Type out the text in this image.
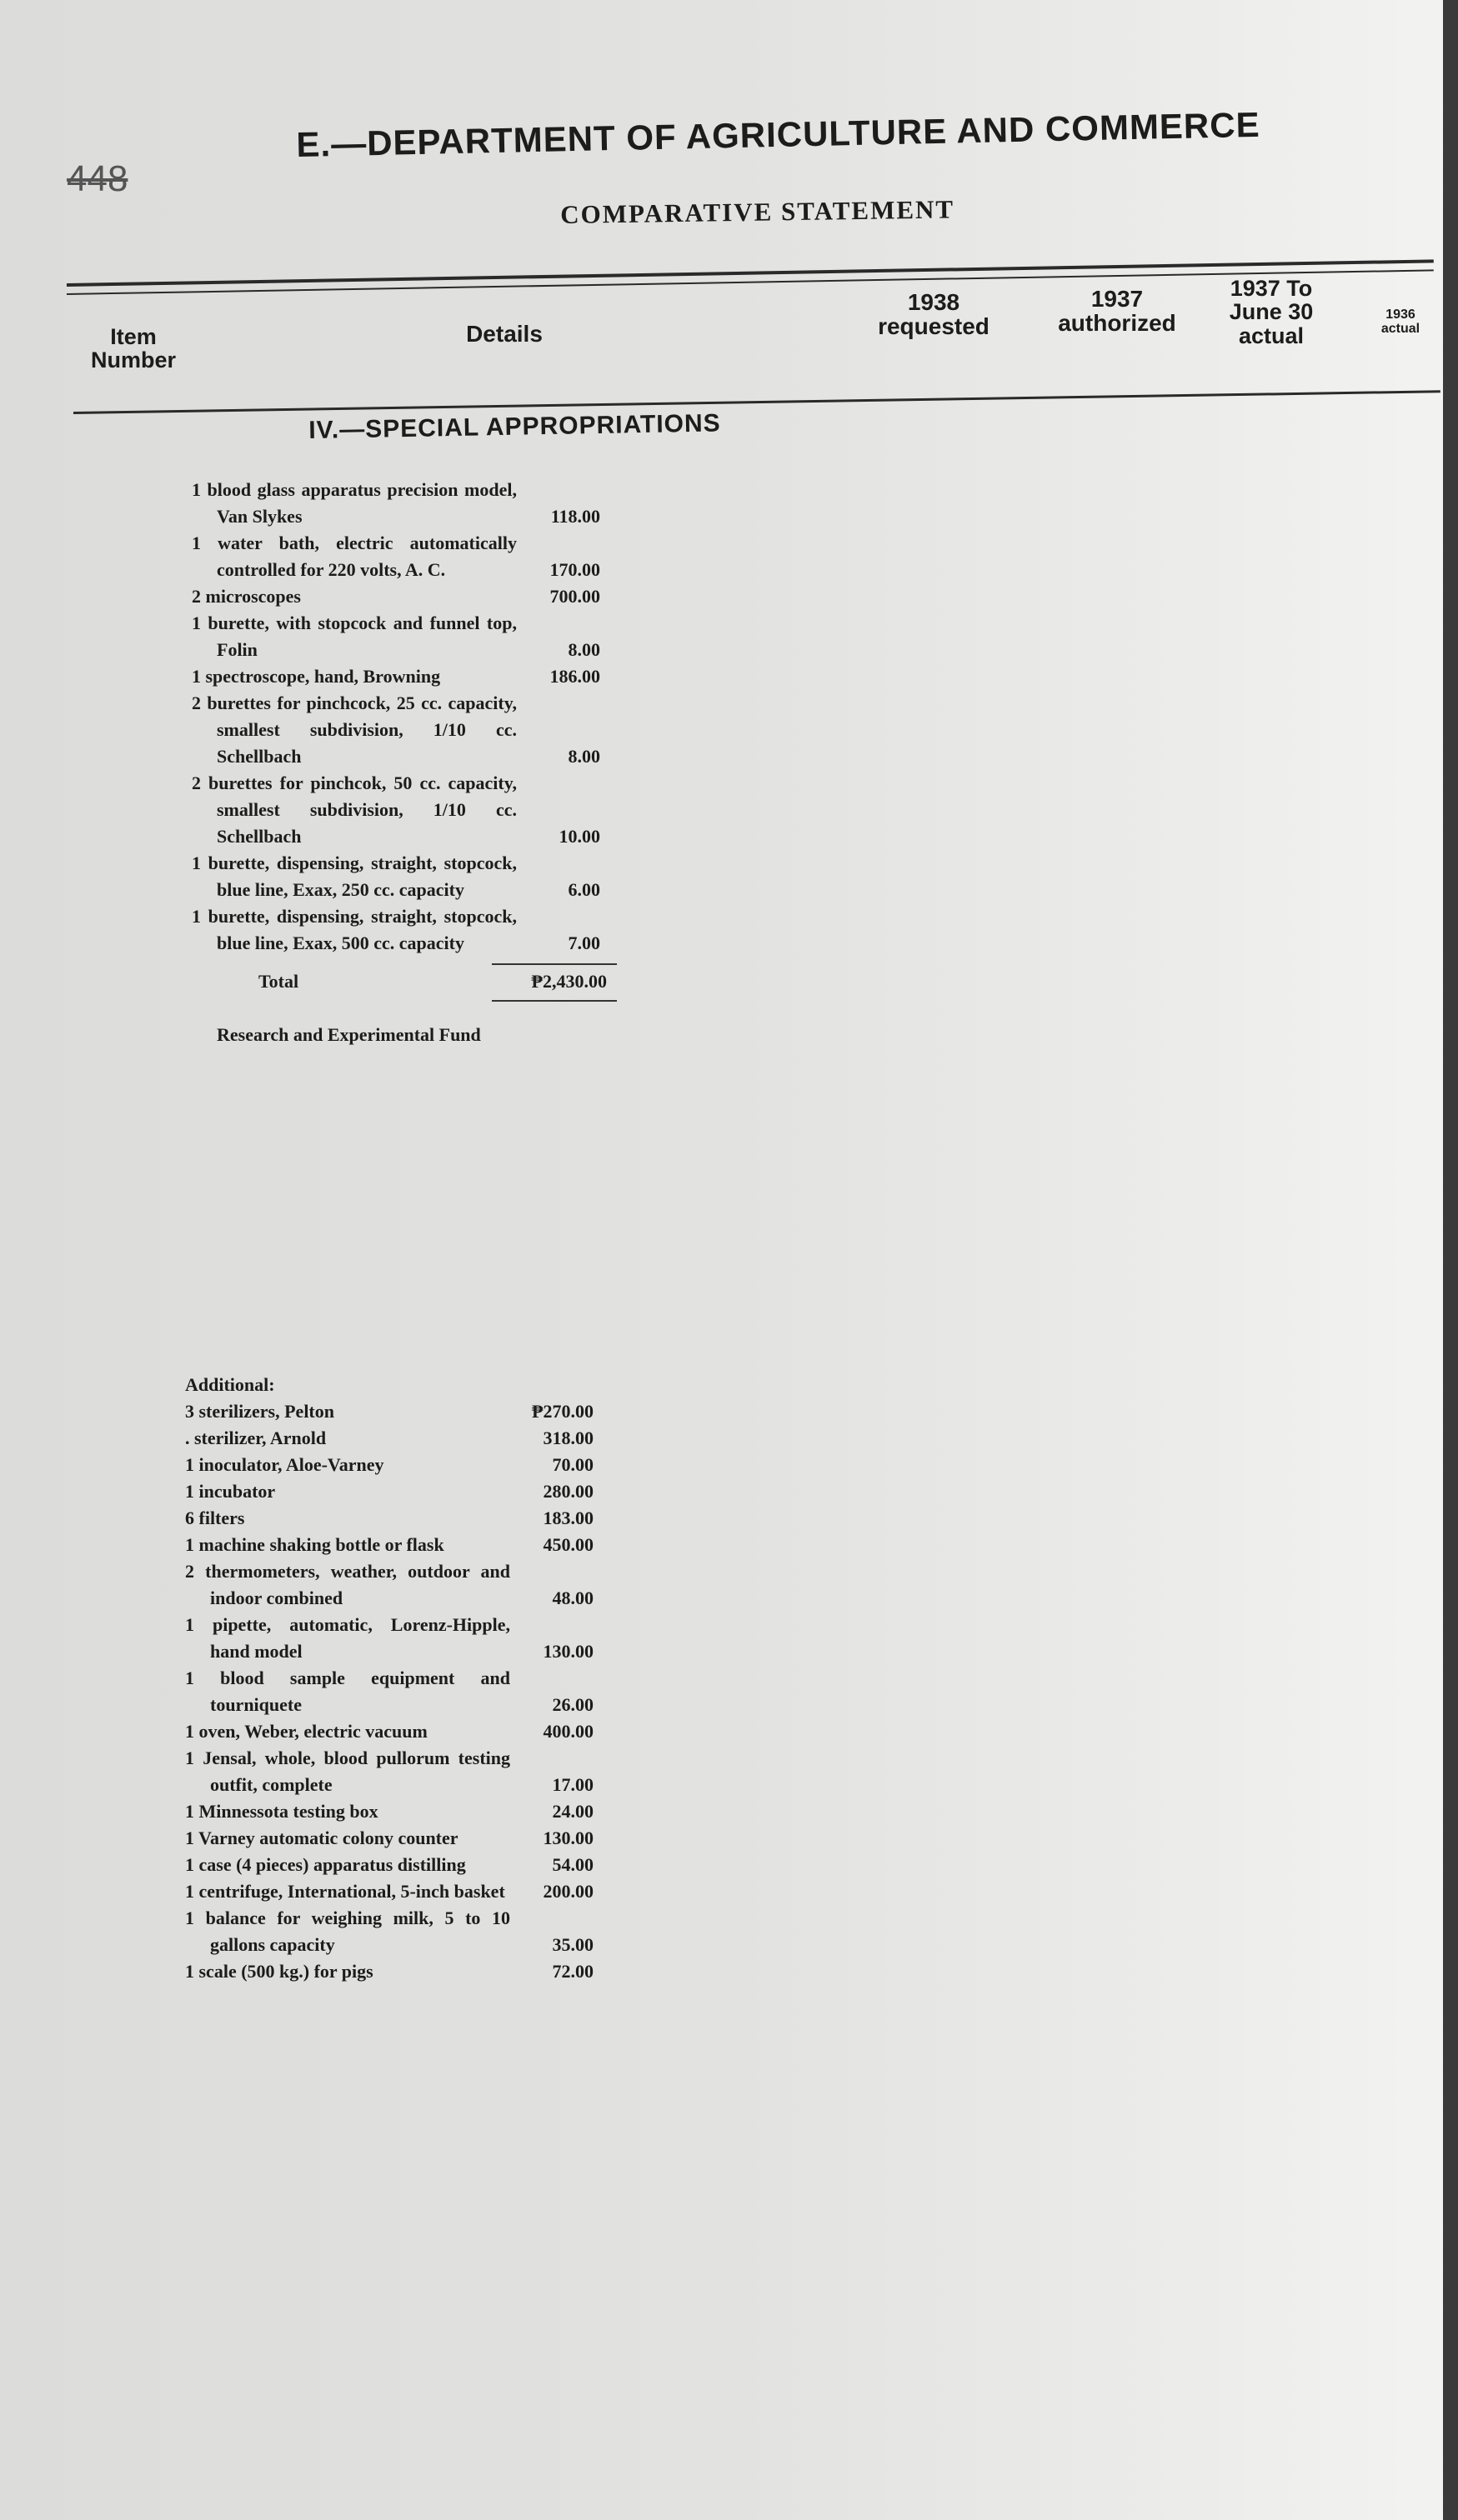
448
E.—DEPARTMENT OF AGRICULTURE AND COMMERCE
COMPARATIVE STATEMENT
Item Number
Details
1938 requested
1937 authorized
1937 To June 30 actual
1936 actual
IV.—SPECIAL APPROPRIATIONS
1 blood glass apparatus precision model, Van Slykes	118.00
1 water bath, electric automatically controlled for 220 volts, A. C.	170.00
2 microscopes	700.00
1 burette, with stopcock and funnel top, Folin	8.00
1 spectroscope, hand, Browning	186.00
2 burettes for pinchcock, 25 cc. capacity, smallest subdivision, 1/10 cc. Schellbach	8.00
2 burettes for pinchcok, 50 cc. capacity, smallest subdivision, 1/10 cc. Schellbach	10.00
1 burette, dispensing, straight, stopcock, blue line, Exax, 250 cc. capacity	6.00
1 burette, dispensing, straight, stopcock, blue line, Exax, 500 cc. capacity	7.00
Total	₱2,430.00
Research and Experimental Fund
Additional:
3 sterilizers, Pelton	₱270.00
. sterilizer, Arnold	318.00
1 inoculator, Aloe-Varney	70.00
1 incubator	280.00
6 filters	183.00
1 machine shaking bottle or flask	450.00
2 thermometers, weather, outdoor and indoor combined	48.00
1 pipette, automatic, Lorenz-Hipple, hand model	130.00
1 blood sample equipment and tourniquete	26.00
1 oven, Weber, electric vacuum	400.00
1 Jensal, whole, blood pullorum testing outfit, complete	17.00
1 Minnessota testing box	24.00
1 Varney automatic colony counter	130.00
1 case (4 pieces) apparatus distilling	54.00
1 centrifuge, International, 5-inch basket 200.00
1 balance for weighing milk, 5 to 10 gallons capacity	35.00
1 scale (500 kg.) for pigs	72.00
